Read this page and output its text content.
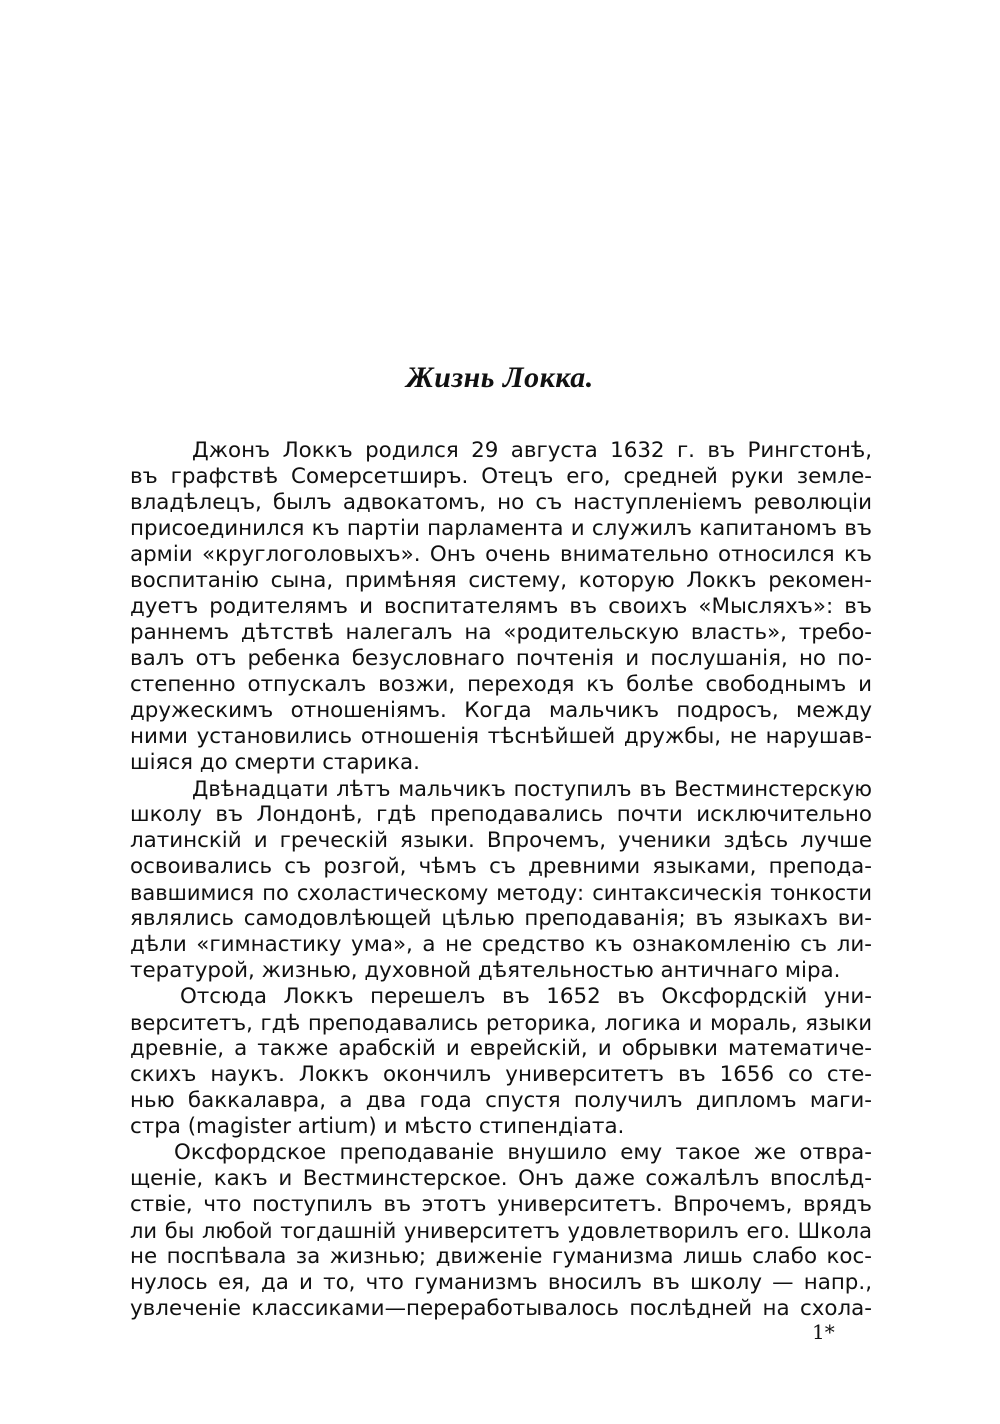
Жизнь Локка.
Джонъ Локкъ родился 29 августа 1632 г. въ Рингстонѣ,
въ графствѣ Сомерсетширъ. Отецъ его, средней руки земле-
владѣлецъ, былъ адвокатомъ, но съ наступленіемъ революціи
присоединился къ партіи парламента и служилъ капитаномъ въ
арміи «круглоголовыхъ». Онъ очень внимательно относился къ
воспитанію сына, примѣняя систему, которую Локкъ рекомен-
дуетъ родителямъ и воспитателямъ въ своихъ «Мысляхъ»: въ
раннемъ дѣтствѣ налегалъ на «родительскую власть», требо-
валъ отъ ребенка безусловнаго почтенія и послушанія, но по-
степенно отпускалъ возжи, переходя къ болѣе свободнымъ и
дружескимъ отношеніямъ. Когда мальчикъ подросъ, между
ними установились отношенія тѣснѣйшей дружбы, не нарушав-
шіяся до смерти старика.
Двѣнадцати лѣтъ мальчикъ поступилъ въ Вестминстерскую
школу въ Лондонѣ, гдѣ преподавались почти исключительно
латинскій и греческій языки. Впрочемъ, ученики здѣсь лучше
освоивались съ розгой, чѣмъ съ древними языками, препода-
вавшимися по схоластическому методу: синтаксическія тонкости
являлись самодовлѣющей цѣлью преподаванія; въ языкахъ ви-
дѣли «гимнастику ума», а не средство къ ознакомленію съ ли-
тературой, жизнью, духовной дѣятельностью античнаго міра.
Отсюда Локкъ перешелъ въ 1652 въ Оксфордскій уни-
верситетъ, гдѣ преподавались реторика, логика и мораль, языки
древніе, а также арабскій и еврейскій, и обрывки математиче-
скихъ наукъ. Локкъ окончилъ университетъ въ 1656 со сте-
нью баккалавра, а два года спустя получилъ дипломъ маги-
стра (magister artium) и мѣсто стипендіата.
Оксфордское преподаваніе внушило ему такое же отвра-
щеніе, какъ и Вестминстерское. Онъ даже сожалѣлъ впослѣд-
ствіе, что поступилъ въ этотъ университетъ. Впрочемъ, врядъ
ли бы любой тогдашній университетъ удовлетворилъ его. Школа
не поспѣвала за жизнью; движеніе гуманизма лишь слабо кос-
нулось ея, да и то, что гуманизмъ вносилъ въ школу — напр.,
увлеченіе классиками—переработывалось послѣдней на схола-
1*
